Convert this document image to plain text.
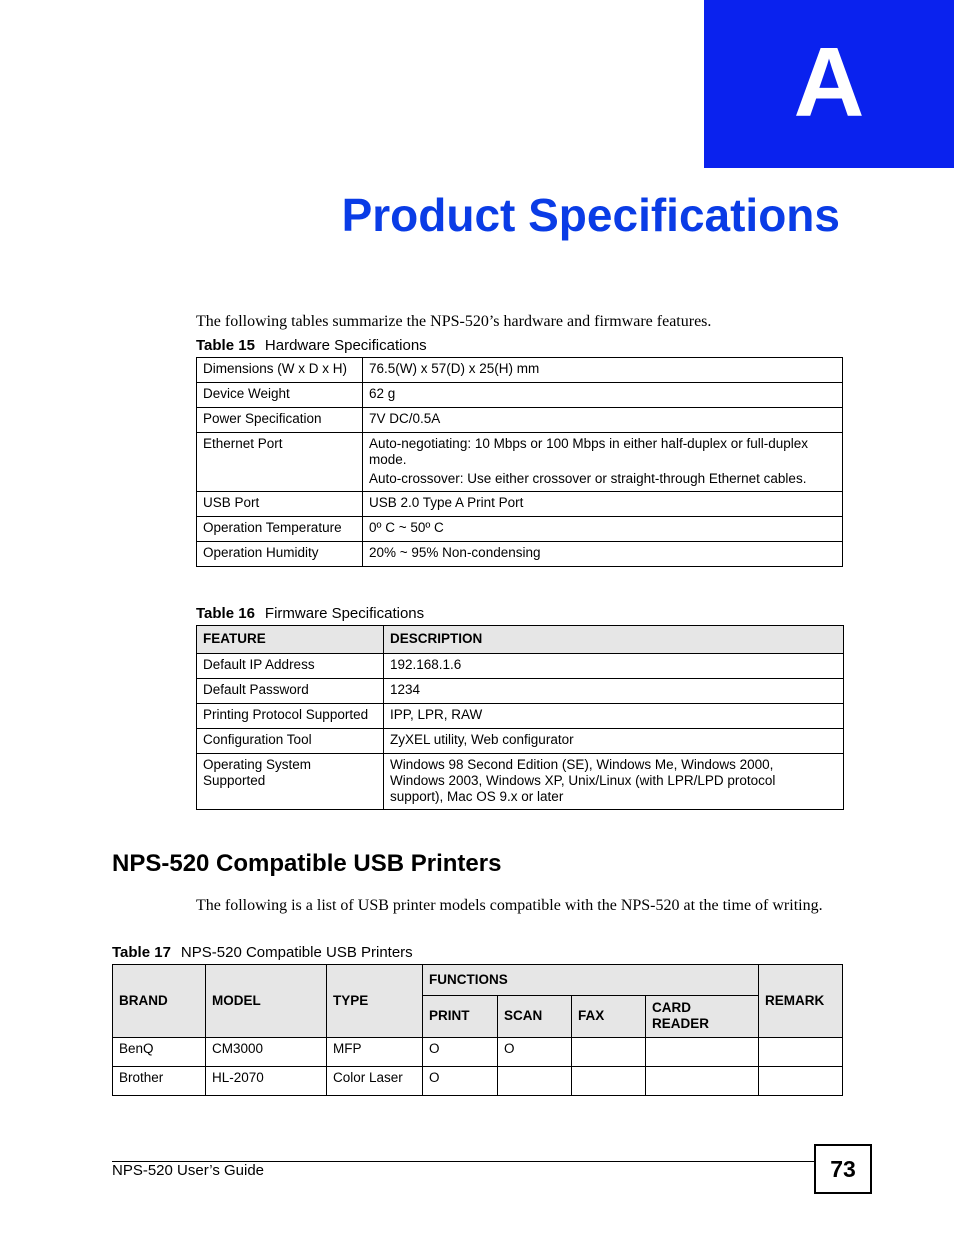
A
Product Specifications
The following tables summarize the NPS-520’s hardware and firmware features.
Table 15 Hardware Specifications
Dimensions (W x D x H)	76.5(W) x 57(D) x 25(H) mm
Device Weight	62 g
Power Specification	7V DC/0.5A
Ethernet Port	Auto-negotiating: 10 Mbps or 100 Mbps in either half-duplex or full-duplex mode.
Auto-crossover: Use either crossover or straight-through Ethernet cables.

USB Port	USB 2.0 Type A Print Port
Operation Temperature	0º C ~ 50º C
Operation Humidity	20% ~ 95% Non-condensing
Table 16 Firmware Specifications
FEATURE	DESCRIPTION
Default IP Address	192.168.1.6
Default Password	1234
Printing Protocol Supported	IPP, LPR, RAW
Configuration Tool	ZyXEL utility, Web configurator
Operating System Supported	Windows 98 Second Edition (SE), Windows Me, Windows 2000, Windows 2003, Windows XP, Unix/Linux (with LPR/LPD protocol support), Mac OS 9.x or later
NPS-520 Compatible USB Printers
The following is a list of USB printer models compatible with the NPS-520 at the time of writing.
Table 17 NPS-520 Compatible USB Printers
BRAND	MODEL	TYPE	FUNCTIONS				REMARK
			PRINT	SCAN	FAX	CARD READER	
BenQ	CM3000	MFP	O	O			
Brother	HL-2070	Color Laser	O				
NPS-520 User’s Guide	73
